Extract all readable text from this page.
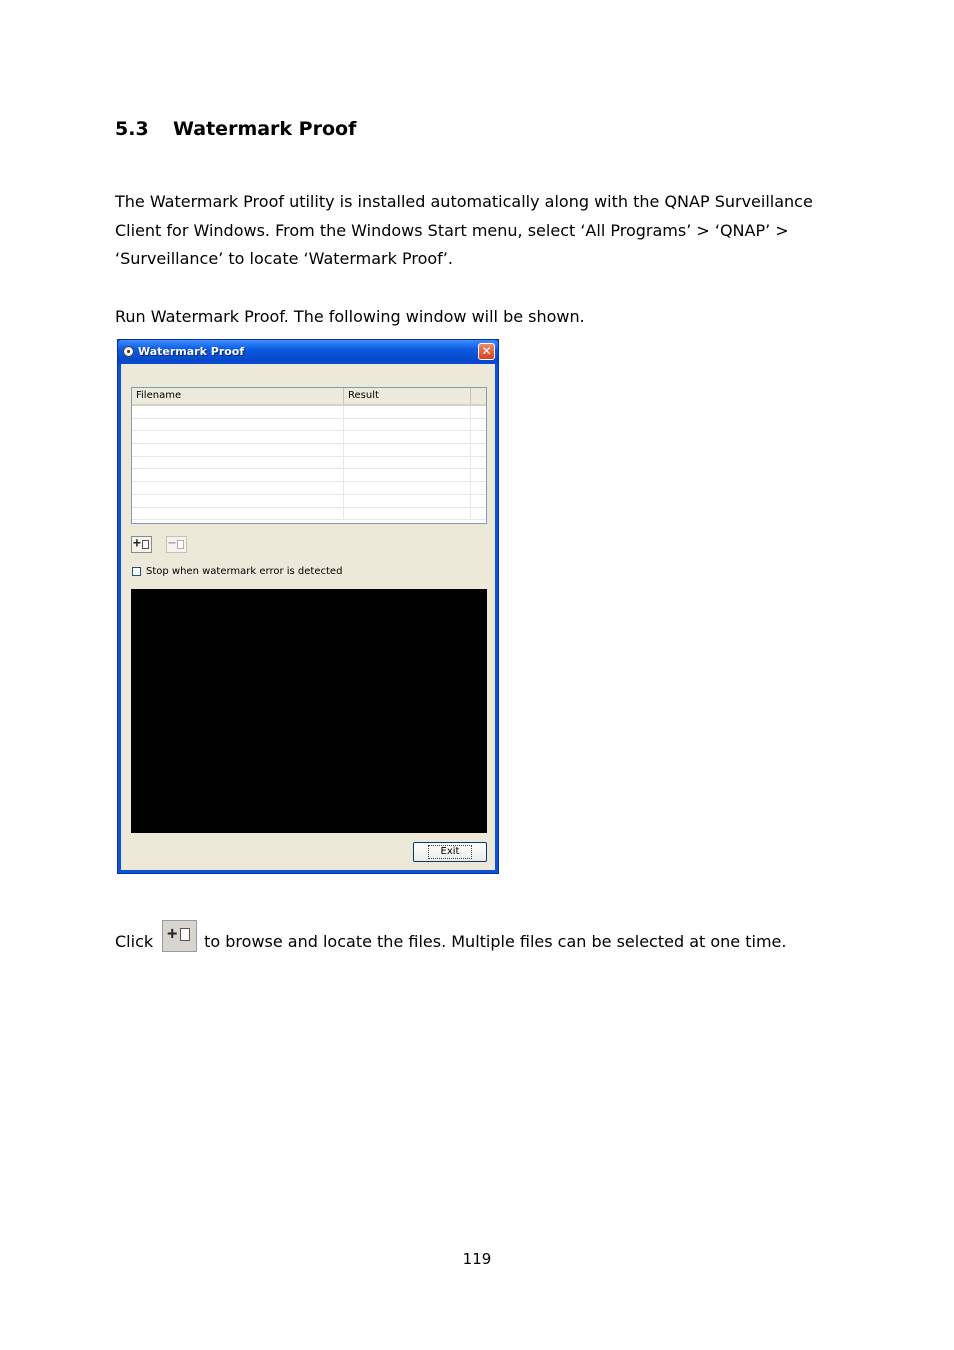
5.3 Watermark Proof
The Watermark Proof utility is installed automatically along with the QNAP Surveillance
Client for Windows. From the Windows Start menu, select ‘All Programs’ > ‘QNAP’ >
‘Surveillance’ to locate ‘Watermark Proof’.
Run Watermark Proof. The following window will be shown.
Watermark Proof	✕
Filename	Result
+ −
Stop when watermark error is detected
Exit
Click + to browse and locate the files. Multiple files can be selected at one time.
119
